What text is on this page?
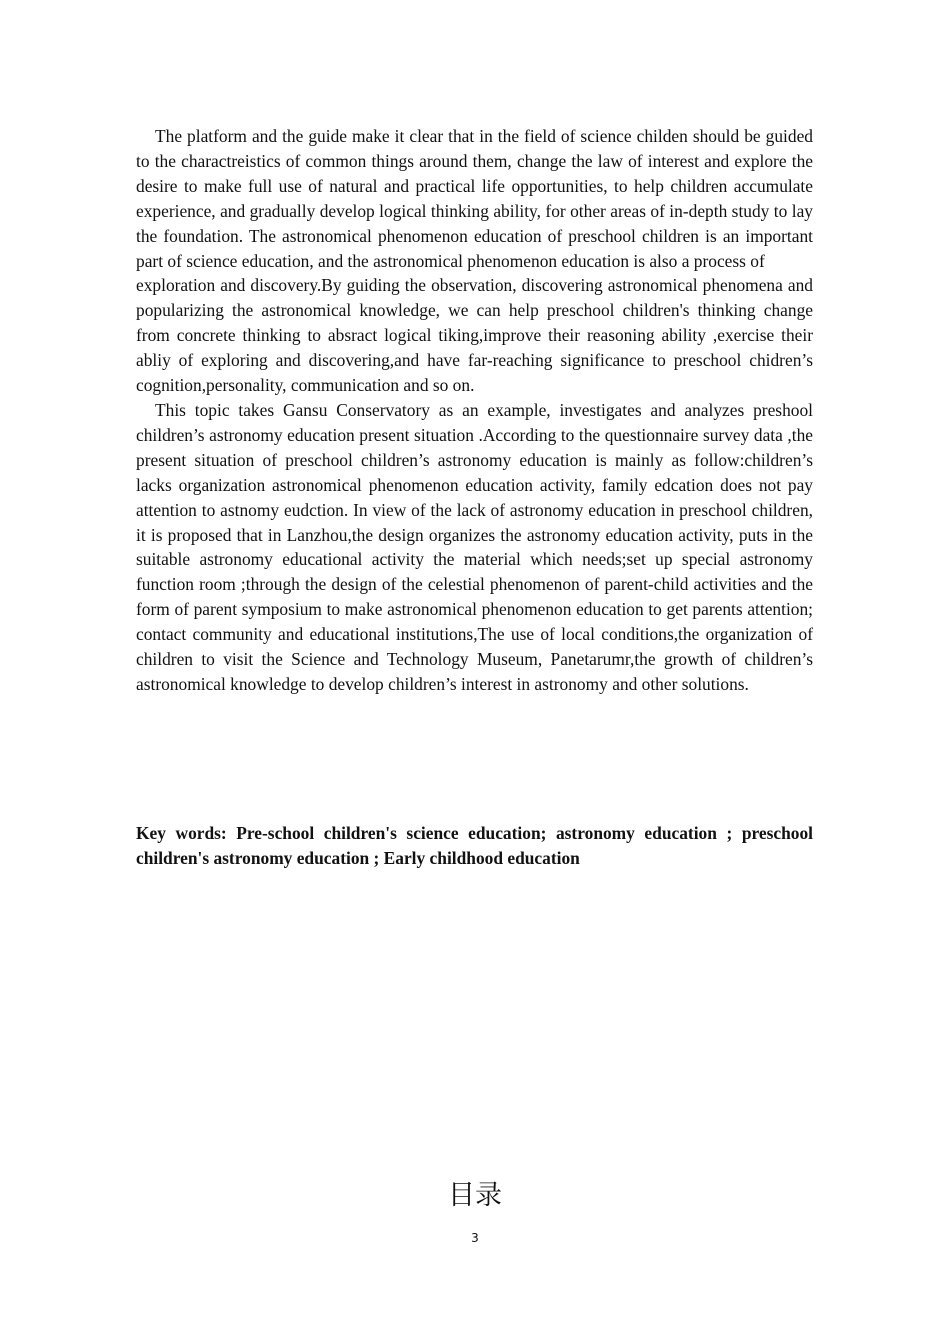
The platform and the guide make it clear that in the field of science childen should be guided to the charactreistics of common things around them, change the law of interest and explore the desire to make full use of natural and practical life opportunities, to help children accumulate experience, and gradually develop logical thinking ability, for other areas of in-depth study to lay the foundation. The astronomical phenomenon education of preschool children is an important part of science education, and the astronomical phenomenon education is also a process of

exploration and discovery.By guiding the observation, discovering astronomical phenomena and popularizing the astronomical knowledge, we can help preschool children's thinking change from concrete thinking to absract logical tiking,improve their reasoning ability ,exercise their abliy of exploring and discovering,and have far-reaching significance to preschool chidren’s cognition,personality, communication and so on.

This topic takes Gansu Conservatory as an example, investigates and analyzes preshool children’s astronomy education present situation .According to the questionnaire survey data ,the present situation of preschool children’s astronomy education is mainly as follow:children’s lacks organization astronomical phenomenon education activity, family edcation does not pay attention to astnomy eudction. In view of the lack of astronomy education in preschool children, it is proposed that in Lanzhou,the design organizes the astronomy education activity, puts in the suitable astronomy educational activity the material which needs;set up special astronomy function room ;through the design of the celestial phenomenon of parent-child activities and the form of parent symposium to make astronomical phenomenon education to get parents attention; contact community and educational institutions,The use of local conditions,the organization of children to visit the Science and Technology Museum, Panetarumr,the growth of children’s astronomical knowledge to develop children’s interest in astronomy and other solutions.

Key words: Pre-school children's science education; astronomy education ; preschool children's astronomy education ; Early childhood education

目录
3
